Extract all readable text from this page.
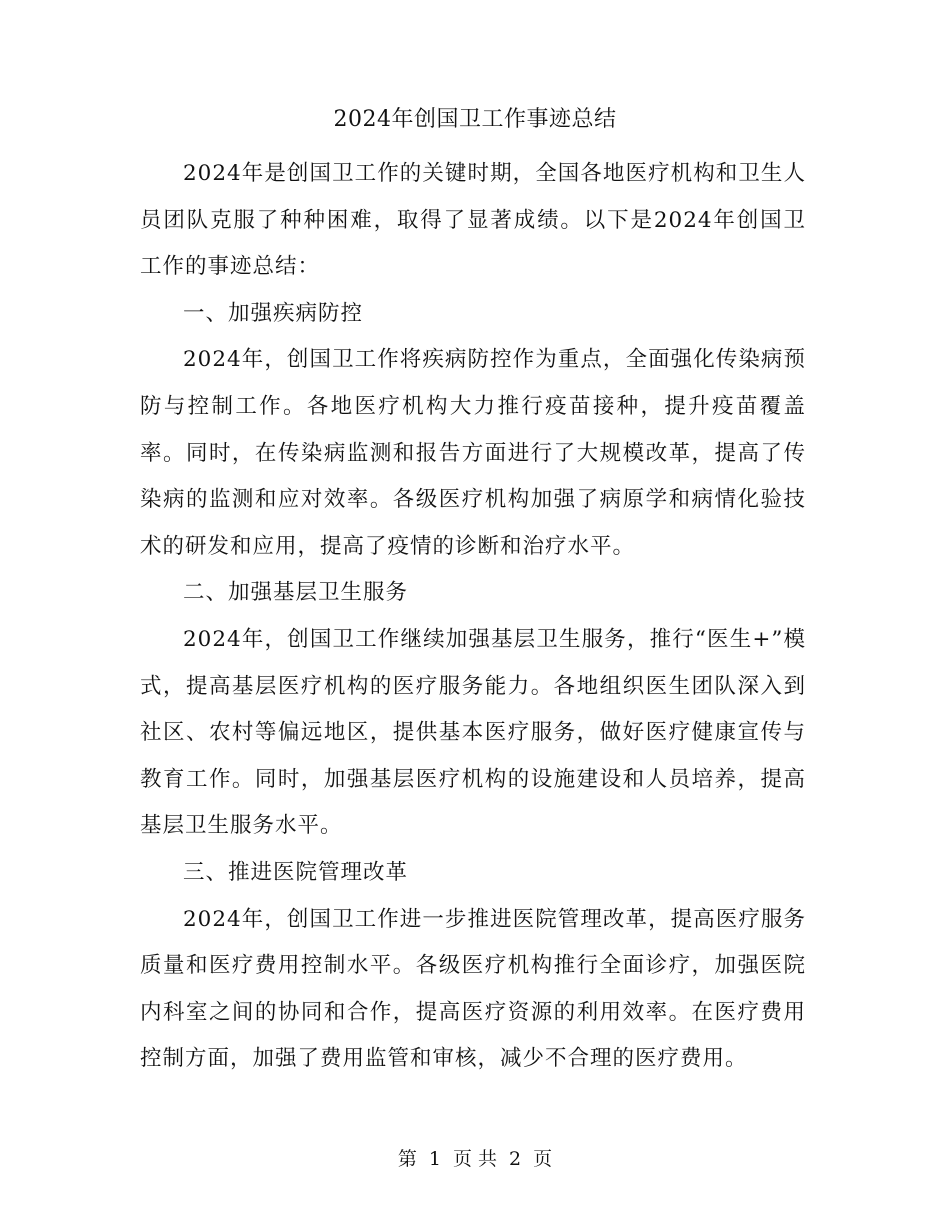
2024年创国卫工作事迹总结

2024年是创国卫工作的关键时期，全国各地医疗机构和卫生人员团队克服了种种困难，取得了显著成绩。以下是2024年创国卫工作的事迹总结：

一、加强疾病防控

2024年，创国卫工作将疾病防控作为重点，全面强化传染病预防与控制工作。各地医疗机构大力推行疫苗接种，提升疫苗覆盖率。同时，在传染病监测和报告方面进行了大规模改革，提高了传染病的监测和应对效率。各级医疗机构加强了病原学和病情化验技术的研发和应用，提高了疫情的诊断和治疗水平。

二、加强基层卫生服务

2024年，创国卫工作继续加强基层卫生服务，推行“医生+”模式，提高基层医疗机构的医疗服务能力。各地组织医生团队深入到社区、农村等偏远地区，提供基本医疗服务，做好医疗健康宣传与教育工作。同时，加强基层医疗机构的设施建设和人员培养，提高基层卫生服务水平。

三、推进医院管理改革

2024年，创国卫工作进一步推进医院管理改革，提高医疗服务质量和医疗费用控制水平。各级医疗机构推行全面诊疗，加强医院内科室之间的协同和合作，提高医疗资源的利用效率。在医疗费用控制方面，加强了费用监管和审核，减少不合理的医疗费用。

第 1 页 共 2 页
